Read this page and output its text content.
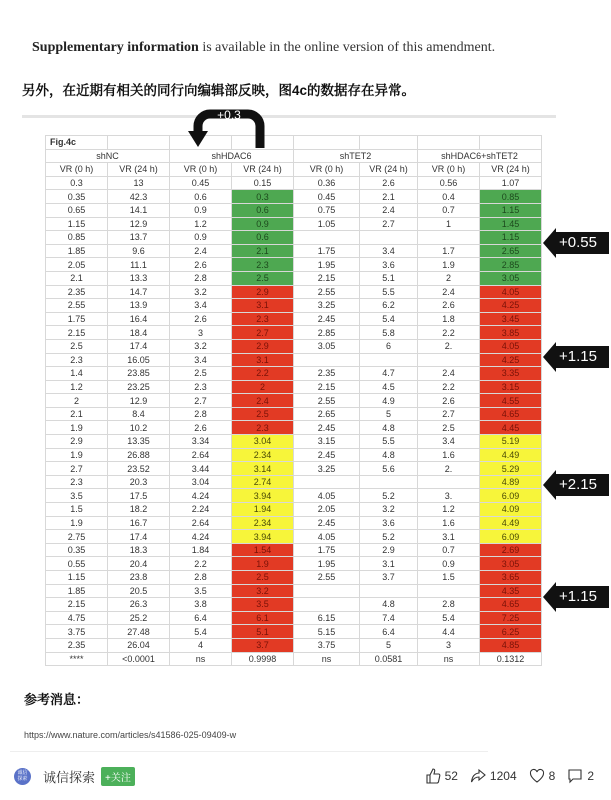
Supplementary information is available in the online version of this amendment.
另外，在近期有相关的同行向编辑部反映，图4c的数据存在异常。
Fig.4c							
shNC		shHDAC6		shTET2		shHDAC6+shTET2	
VR (0 h)	VR (24 h)	VR (0 h)	VR (24 h)	VR (0 h)	VR (24 h)	VR (0 h)	VR (24 h)
0.3	13	0.45	0.15	0.36	2.6	0.56	1.07
0.35	42.3	0.6	0.3	0.45	2.1	0.4	0.85
0.65	14.1	0.9	0.6	0.75	2.4	0.7	1.15
1.15	12.9	1.2	0.9	1.05	2.7	1	1.45
0.85	13.7	0.9	0.6				1.15
1.85	9.6	2.4	2.1	1.75	3.4	1.7	2.65
2.05	11.1	2.6	2.3	1.95	3.6	1.9	2.85
2.1	13.3	2.8	2.5	2.15	5.1	2	3.05
2.35	14.7	3.2	2.9	2.55	5.5	2.4	4.05
2.55	13.9	3.4	3.1	3.25	6.2	2.6	4.25
1.75	16.4	2.6	2.3	2.45	5.4	1.8	3.45
2.15	18.4	3	2.7	2.85	5.8	2.2	3.85
2.5	17.4	3.2	2.9	3.05	6	2.	4.05
2.3	16.05	3.4	3.1				4.25
1.4	23.85	2.5	2.2	2.35	4.7	2.4	3.35
1.2	23.25	2.3	2	2.15	4.5	2.2	3.15
2	12.9	2.7	2.4	2.55	4.9	2.6	4.55
2.1	8.4	2.8	2.5	2.65	5	2.7	4.65
1.9	10.2	2.6	2.3	2.45	4.8	2.5	4.45
2.9	13.35	3.34	3.04	3.15	5.5	3.4	5.19
1.9	26.88	2.64	2.34	2.45	4.8	1.6	4.49
2.7	23.52	3.44	3.14	3.25	5.6	2.	5.29
2.3	20.3	3.04	2.74				4.89
3.5	17.5	4.24	3.94	4.05	5.2	3.	6.09
1.5	18.2	2.24	1.94	2.05	3.2	1.2	4.09
1.9	16.7	2.64	2.34	2.45	3.6	1.6	4.49
2.75	17.4	4.24	3.94	4.05	5.2	3.1	6.09
0.35	18.3	1.84	1.54	1.75	2.9	0.7	2.69
0.55	20.4	2.2	1.9	1.95	3.1	0.9	3.05
1.15	23.8	2.8	2.5	2.55	3.7	1.5	3.65
1.85	20.5	3.5	3.2				4.35
2.15	26.3	3.8	3.5		4.8	2.8	4.65
4.75	25.2	6.4	6.1	6.15	7.4	5.4	7.25
3.75	27.48	5.4	5.1	5.15	6.4	4.4	6.25
2.35	26.04	4	3.7	3.75	5	3	4.85
****	<0.0001	ns	0.9998	ns	0.0581	ns	0.1312
+0.3
+0.55
+1.15
+2.15
+1.15
参考消息：
https://www.nature.com/articles/s41586-025-09409-w
诚信探索 诚信探索	+关注	52	1204	8	2
